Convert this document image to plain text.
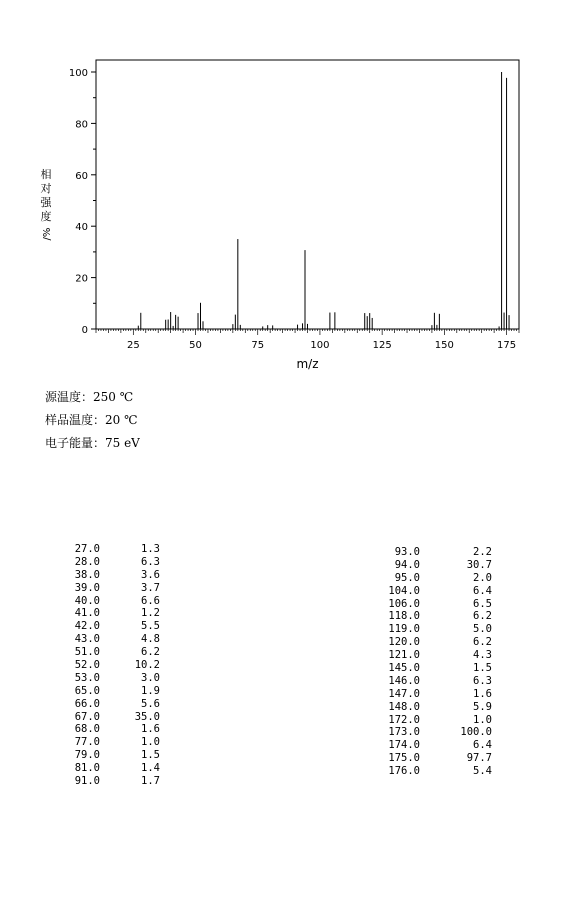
0
20
40
60
80
100
25	50	75	100	125	150	175
m/z
相
对
强
度
/%
源温度：250 ℃
样品温度：20 ℃
电子能量：75 eV
27.0	1.3
28.0	6.3
38.0	3.6
39.0	3.7
40.0	6.6
41.0	1.2
42.0	5.5
43.0	4.8
51.0	6.2
52.0	10.2
53.0	3.0
65.0	1.9
66.0	5.6
67.0	35.0
68.0	1.6
77.0	1.0
79.0	1.5
81.0	1.4
91.0	1.7
93.0	2.2
94.0	30.7
95.0	2.0
104.0	6.4
106.0	6.5
118.0	6.2
119.0	5.0
120.0	6.2
121.0	4.3
145.0	1.5
146.0	6.3
147.0	1.6
148.0	5.9
172.0	1.0
173.0	100.0
174.0	6.4
175.0	97.7
176.0	5.4
